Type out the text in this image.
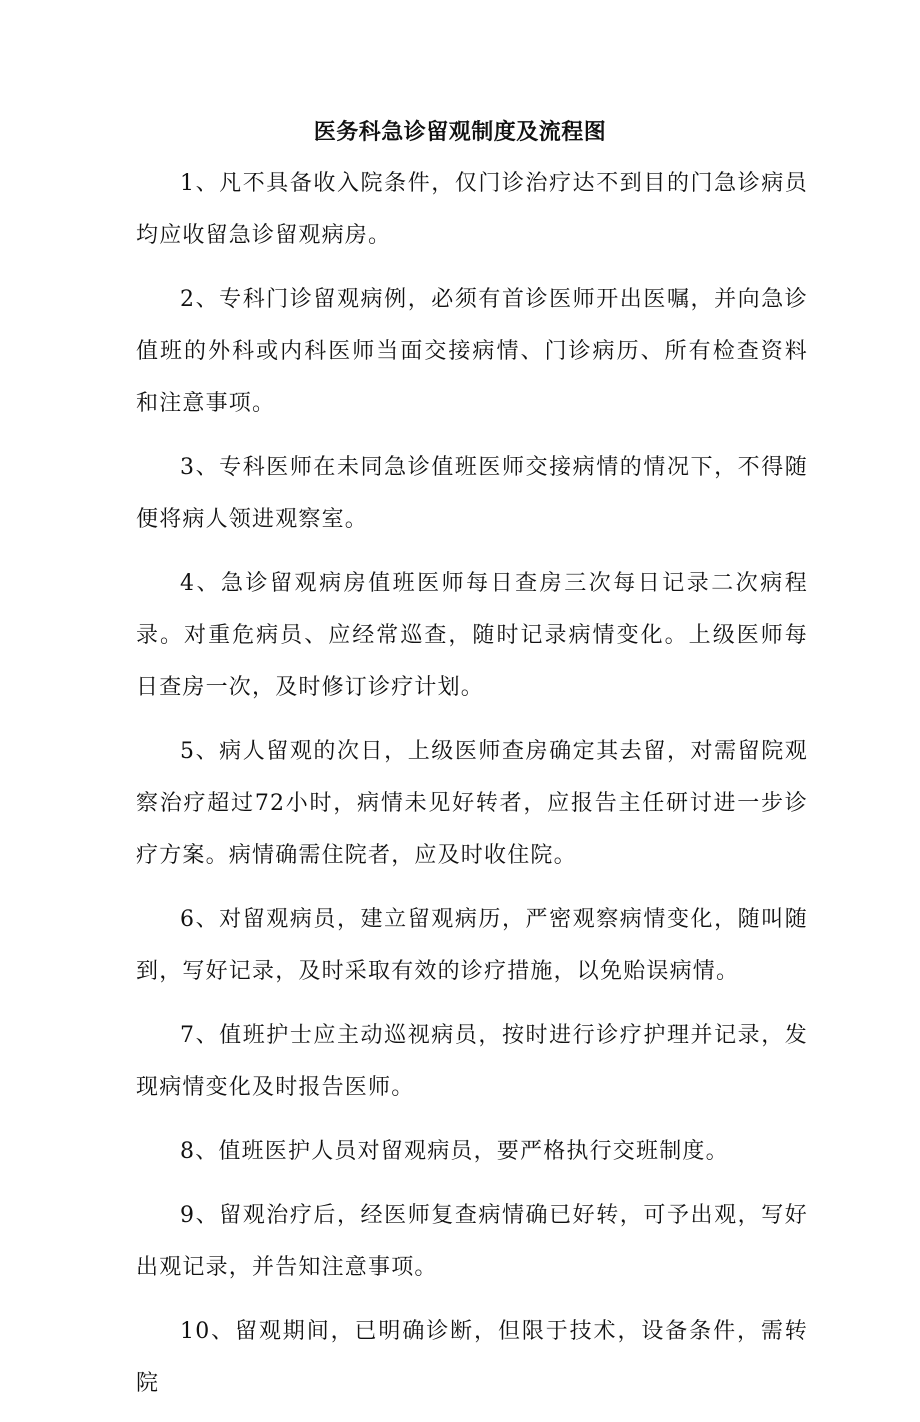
医务科急诊留观制度及流程图

1、凡不具备收入院条件，仅门诊治疗达不到目的门急诊病员均应收留急诊留观病房。

2、专科门诊留观病例，必须有首诊医师开出医嘱，并向急诊值班的外科或内科医师当面交接病情、门诊病历、所有检查资料和注意事项。

3、专科医师在未同急诊值班医师交接病情的情况下，不得随便将病人领进观察室。

4、急诊留观病房值班医师每日查房三次每日记录二次病程录。对重危病员、应经常巡查，随时记录病情变化。上级医师每日查房一次，及时修订诊疗计划。

5、病人留观的次日，上级医师查房确定其去留，对需留院观察治疗超过72小时，病情未见好转者，应报告主任研讨进一步诊疗方案。病情确需住院者，应及时收住院。

6、对留观病员，建立留观病历，严密观察病情变化，随叫随到，写好记录，及时采取有效的诊疗措施，以免贻误病情。

7、值班护士应主动巡视病员，按时进行诊疗护理并记录，发现病情变化及时报告医师。

8、值班医护人员对留观病员，要严格执行交班制度。

9、留观治疗后，经医师复查病情确已好转，可予出观，写好出观记录，并告知注意事项。

10、留观期间，已明确诊断，但限于技术，设备条件，需转院
